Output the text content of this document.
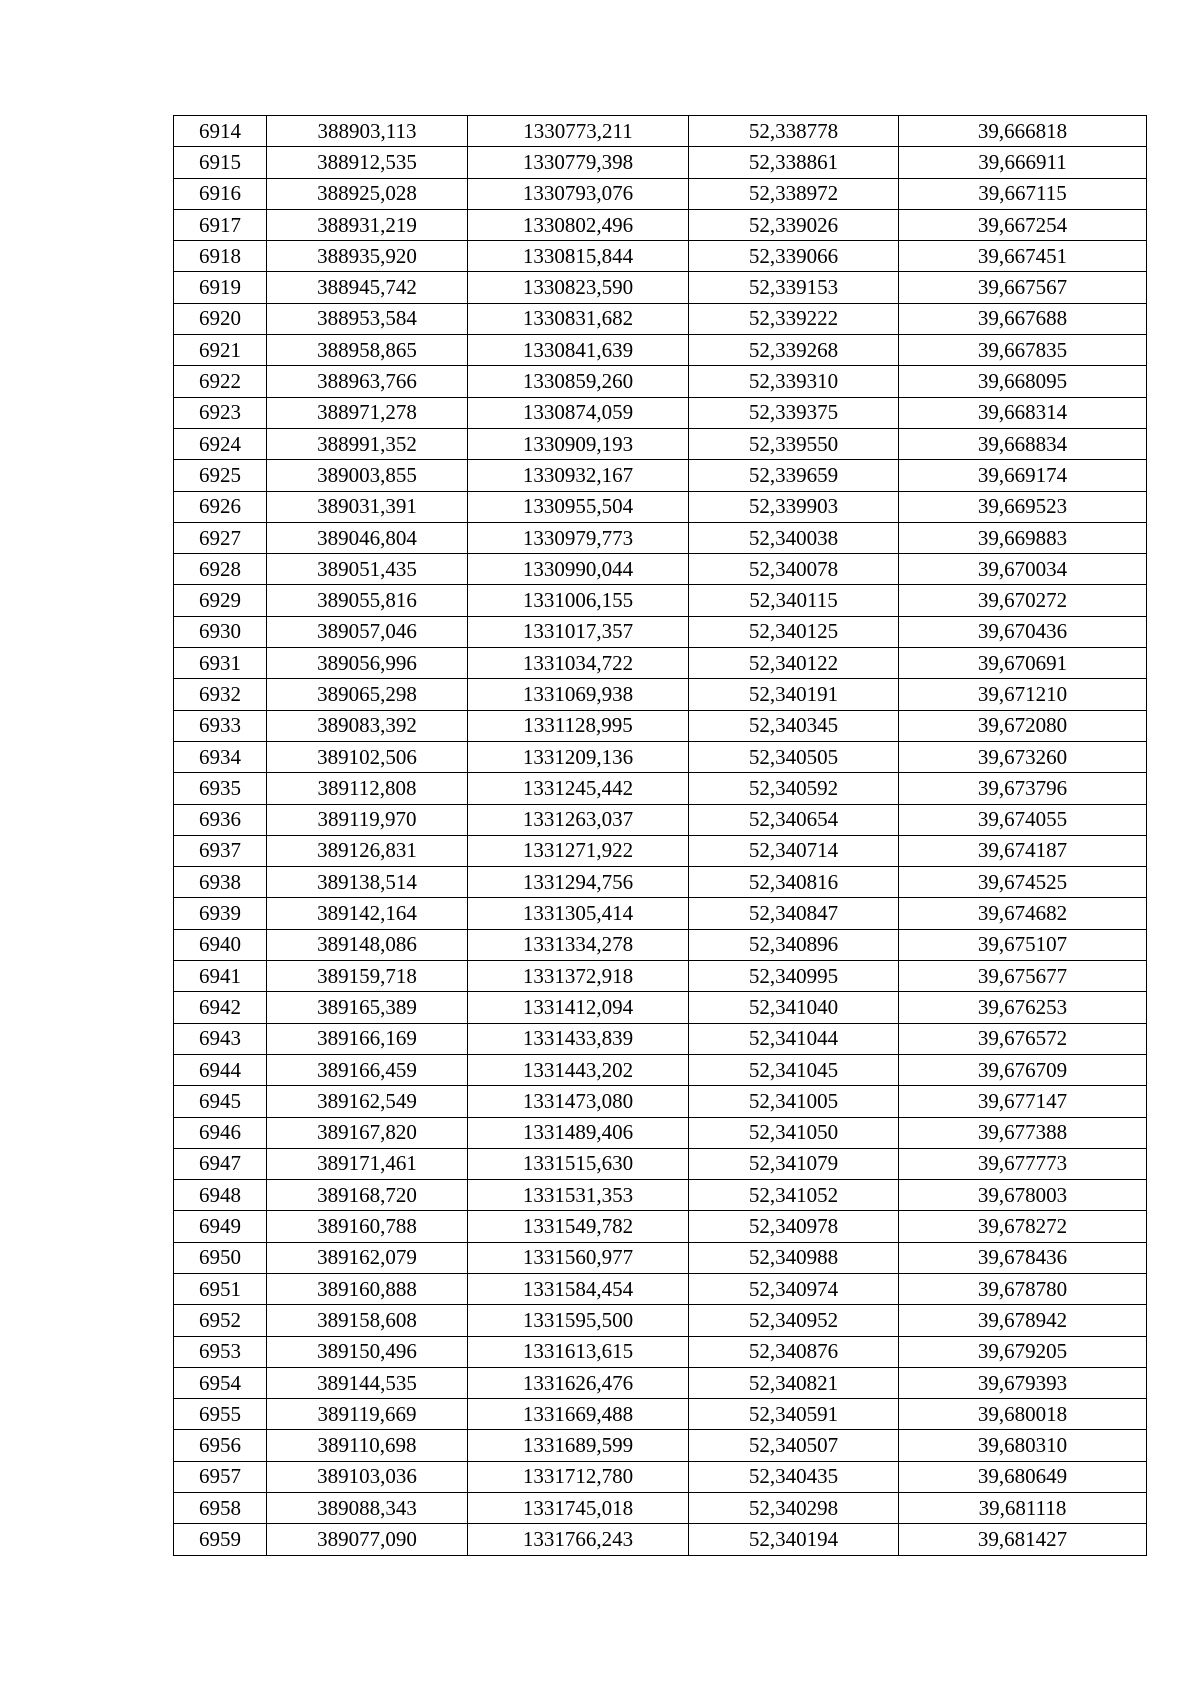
6914	388903,113	1330773,211	52,338778	39,666818
6915	388912,535	1330779,398	52,338861	39,666911
6916	388925,028	1330793,076	52,338972	39,667115
6917	388931,219	1330802,496	52,339026	39,667254
6918	388935,920	1330815,844	52,339066	39,667451
6919	388945,742	1330823,590	52,339153	39,667567
6920	388953,584	1330831,682	52,339222	39,667688
6921	388958,865	1330841,639	52,339268	39,667835
6922	388963,766	1330859,260	52,339310	39,668095
6923	388971,278	1330874,059	52,339375	39,668314
6924	388991,352	1330909,193	52,339550	39,668834
6925	389003,855	1330932,167	52,339659	39,669174
6926	389031,391	1330955,504	52,339903	39,669523
6927	389046,804	1330979,773	52,340038	39,669883
6928	389051,435	1330990,044	52,340078	39,670034
6929	389055,816	1331006,155	52,340115	39,670272
6930	389057,046	1331017,357	52,340125	39,670436
6931	389056,996	1331034,722	52,340122	39,670691
6932	389065,298	1331069,938	52,340191	39,671210
6933	389083,392	1331128,995	52,340345	39,672080
6934	389102,506	1331209,136	52,340505	39,673260
6935	389112,808	1331245,442	52,340592	39,673796
6936	389119,970	1331263,037	52,340654	39,674055
6937	389126,831	1331271,922	52,340714	39,674187
6938	389138,514	1331294,756	52,340816	39,674525
6939	389142,164	1331305,414	52,340847	39,674682
6940	389148,086	1331334,278	52,340896	39,675107
6941	389159,718	1331372,918	52,340995	39,675677
6942	389165,389	1331412,094	52,341040	39,676253
6943	389166,169	1331433,839	52,341044	39,676572
6944	389166,459	1331443,202	52,341045	39,676709
6945	389162,549	1331473,080	52,341005	39,677147
6946	389167,820	1331489,406	52,341050	39,677388
6947	389171,461	1331515,630	52,341079	39,677773
6948	389168,720	1331531,353	52,341052	39,678003
6949	389160,788	1331549,782	52,340978	39,678272
6950	389162,079	1331560,977	52,340988	39,678436
6951	389160,888	1331584,454	52,340974	39,678780
6952	389158,608	1331595,500	52,340952	39,678942
6953	389150,496	1331613,615	52,340876	39,679205
6954	389144,535	1331626,476	52,340821	39,679393
6955	389119,669	1331669,488	52,340591	39,680018
6956	389110,698	1331689,599	52,340507	39,680310
6957	389103,036	1331712,780	52,340435	39,680649
6958	389088,343	1331745,018	52,340298	39,681118
6959	389077,090	1331766,243	52,340194	39,681427
